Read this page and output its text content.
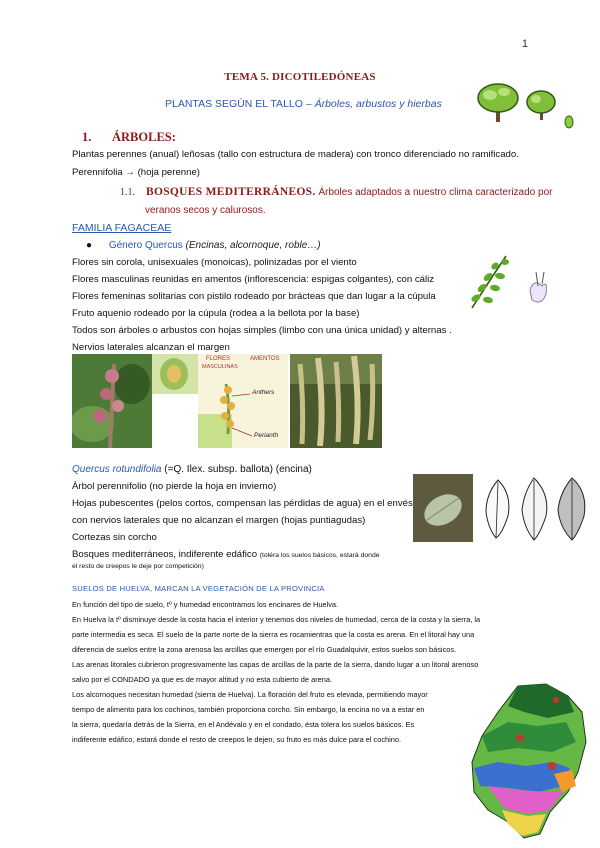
1
TEMA 5. DICOTILEDÓNEAS
PLANTAS SEGÚN EL TALLO – Árboles, arbustos y hierbas
1. ÁRBOLES:
Plantas perennes (anual) leñosas (tallo con estructura de madera) con tronco diferenciado no ramificado.
Perennifolia → (hoja perenne)
1.1. BOSQUES MEDITERRÁNEOS. Árboles adaptados a nuestro clima caracterizado por
veranos secos y calurosos.
FAMILIA FAGACEAE
● Género Quercus (Encinas, alcornoque, roble…)
Flores sin corola, unisexuales (monoicas), polinizadas por el viento
Flores masculinas reunidas en amentos (inflorescencia: espigas colgantes), con cáliz
Flores femeninas solitarias con pistilo rodeado por brácteas que dan lugar a la cúpula
Fruto aquenio rodeado por la cúpula (rodea a la bellota por la base)
Todos son árboles o arbustos con hojas simples (limbo con una única unidad) y alternas .
Nervios laterales alcanzan el margen
FLORES
MASCULINAS
AMENTOS
Anthers
Perianth
Quercus rotundifolia (=Q. Ilex. subsp. ballota) (encina)
Árbol perennifolio (no pierde la hoja en invierno)
Hojas pubescentes (pelos cortos, compensan las pérdidas de agua) en el envés
con nervios laterales que no alcanzan el margen (hojas puntiagudas)
Cortezas sin corcho
Bosques mediterráneos, indiferente edáfico (toléra los suelos básicos, estará donde
el resto de creepos le deje por competición)
SUELOS DE HUELVA, MARCAN LA VEGETACIÓN DE LA PROVINCIA
En función del tipo de suelo, tº y humedad encontramos los encinares de Huelva.
En Huelva la tº disminuye desde la costa hacia el interior y tenemos dos niveles de humedad, cerca de la costa y la sierra, la
parte intermedia es seca. El suelo de la parte norte de la sierra es rocamientras que la costa es arena. En el litoral hay una
diferencia de suelos entre la zona arenosa las arcillas que emergen por el río Guadalquivir, estos suelos son básicos.
Las arenas litorales cubrieron progresivamente las capas de arcillas de la parte de la sierra, dando lugar a un litoral arenoso
salvo por el CONDADO ya que es de mayor altitud y no esta cubierto de arena.
Los alcornoques necesitan humedad (sierra de Huelva). La floración del fruto es elevada, permitiendo mayor
tiempo de alimento para los cochinos, también proporciona corcho. Sin embargo, la encina no va a estar en
la sierra, quedaría detrás de la Sierra, en el Andévalo y en el condado, ésta tolera los suelos básicos. Es
indiferente edáfico, estará donde el resto de creepos le dejen, su fruto es más dulce para el cochino.
